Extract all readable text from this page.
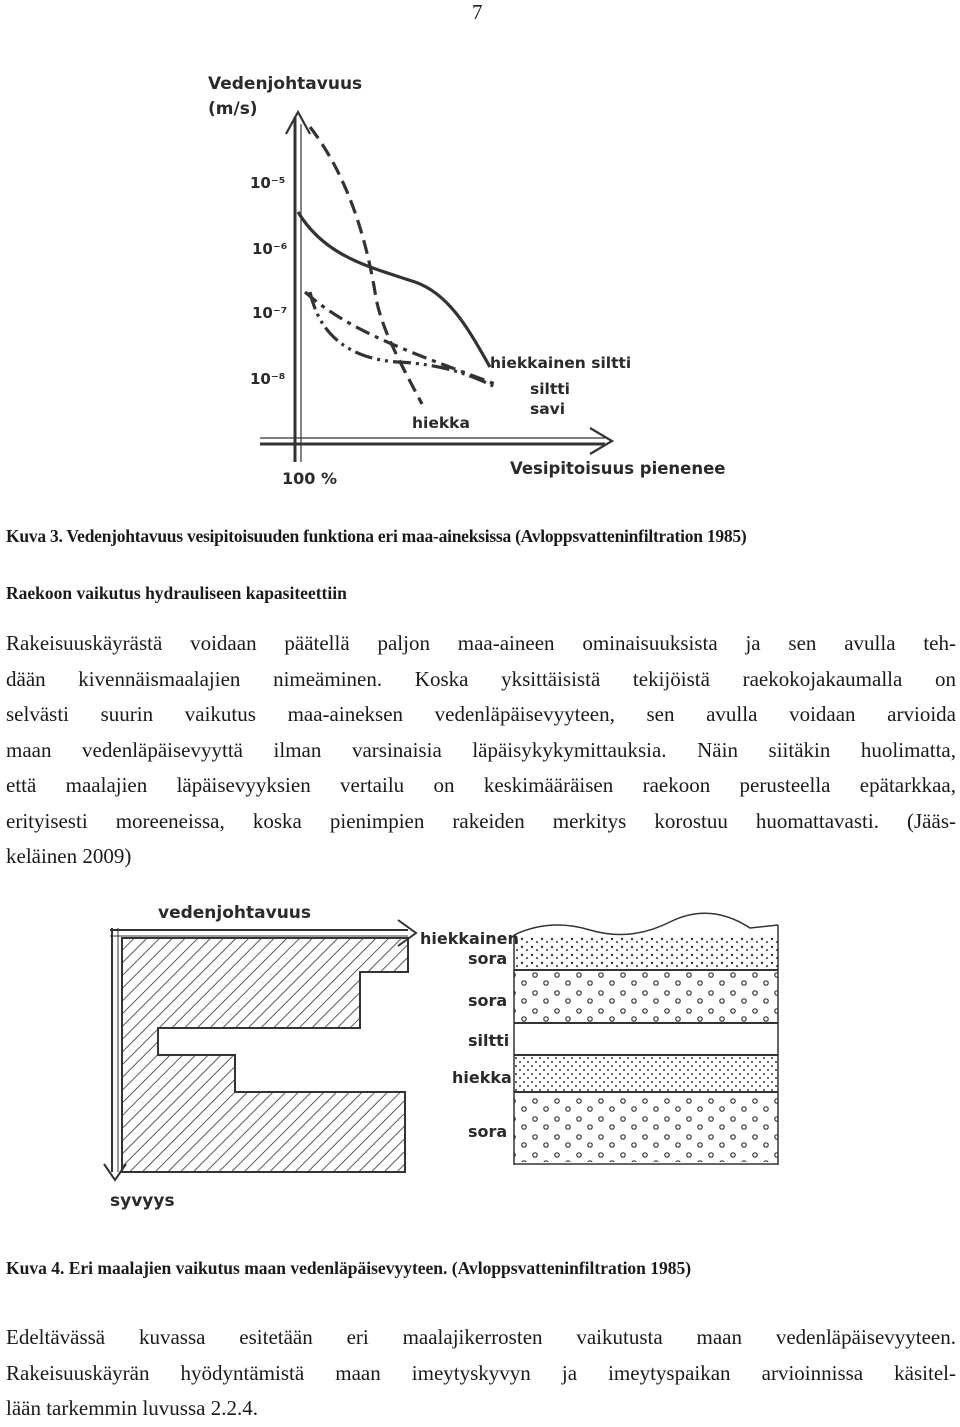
7
Vedenjohtavuus
(m/s)
10⁻⁵
10⁻⁶
10⁻⁷
10⁻⁸
Vesipitoisuus pienenee
100 %
hiekkainen siltti
siltti
savi
hiekka
Kuva 3. Vedenjohtavuus vesipitoisuuden funktiona eri maa-aineksissa (Avloppsvatteninfiltration 1985)
Raekoon vaikutus hydrauliseen kapasiteettiin
Rakeisuuskäyrästä voidaan päätellä paljon maa-aineen ominaisuuksista ja sen avulla teh-
dään kivennäismaalajien nimeäminen. Koska yksittäisistä tekijöistä raekokojakaumalla on
selvästi suurin vaikutus maa-aineksen vedenläpäisevyyteen, sen avulla voidaan arvioida
maan vedenläpäisevyyttä ilman varsinaisia läpäisykykymittauksia. Näin siitäkin huolimatta,
että maalajien läpäisevyyksien vertailu on keskimääräisen raekoon perusteella epätarkkaa,
erityisesti moreeneissa, koska pienimpien rakeiden merkitys korostuu huomattavasti. (Jääs-
keläinen 2009)
vedenjohtavuus
syvyys
hiekkainen
sora
sora
siltti
hiekka
sora
Kuva 4. Eri maalajien vaikutus maan vedenläpäisevyyteen. (Avloppsvatteninfiltration 1985)
Edeltävässä kuvassa esitetään eri maalajikerrosten vaikutusta maan vedenläpäisevyyteen.
Rakeisuuskäyrän hyödyntämistä maan imeytyskyvyn ja imeytyspaikan arvioinnissa käsitel-
lään tarkemmin luvussa 2.2.4.
